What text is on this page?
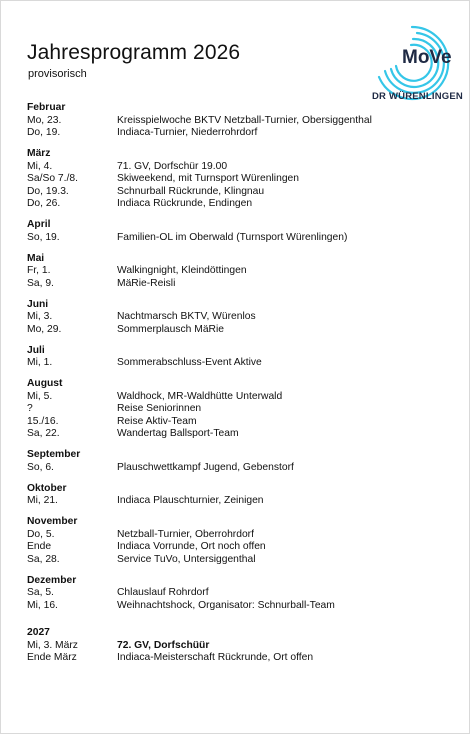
Jahresprogramm 2026
provisorisch
MoVe
DR WÜRENLINGEN
Februar
Mo, 23.	Kreisspielwoche BKTV Netzball-Turnier, Obersiggenthal
Do, 19.	Indiaca-Turnier, Niederrohrdorf
März
Mi, 4.	71. GV, Dorfschür 19.00
Sa/So 7./8.	Skiweekend, mit Turnsport Würenlingen
Do, 19.3.	Schnurball Rückrunde, Klingnau
Do, 26.	Indiaca Rückrunde, Endingen
April
So, 19.	Familien-OL im Oberwald (Turnsport Würenlingen)
Mai
Fr, 1.	Walkingnight, Kleindöttingen
Sa, 9.	MäRie-Reisli
Juni
Mi, 3.	Nachtmarsch BKTV, Würenlos
Mo, 29.	Sommerplausch MäRie
Juli
Mi, 1.	Sommerabschluss-Event Aktive
August
Mi, 5.	Waldhock, MR-Waldhütte Unterwald
?	Reise Seniorinnen
15./16.	Reise Aktiv-Team
Sa, 22.	Wandertag Ballsport-Team
September
So, 6.	Plauschwettkampf Jugend, Gebenstorf
Oktober
Mi, 21.	Indiaca Plauschturnier, Zeinigen
November
Do, 5.	Netzball-Turnier, Oberrohrdorf
Ende	Indiaca Vorrunde, Ort noch offen
Sa, 28.	Service TuVo, Untersiggenthal
Dezember
Sa, 5.	Chlauslauf Rohrdorf
Mi, 16.	Weihnachtshock, Organisator: Schnurball-Team
2027
Mi, 3. März	72. GV, Dorfschüür
Ende März	Indiaca-Meisterschaft Rückrunde, Ort offen
